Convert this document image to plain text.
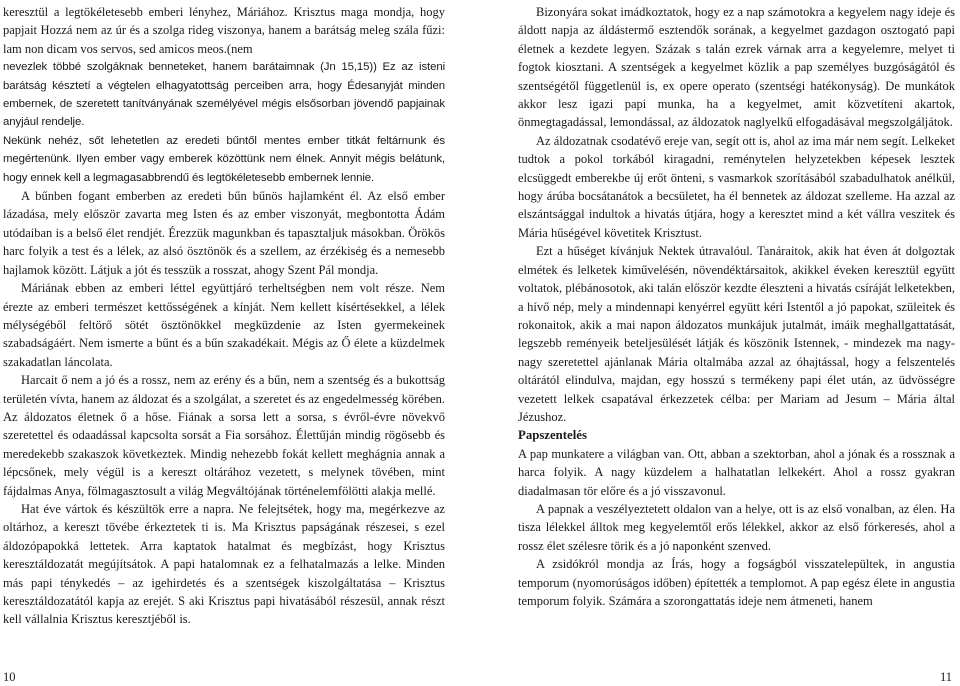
keresztül a legtökéletesebb emberi lényhez, Máriához. Krisztus maga mondja, hogy papjait Hozzá nem az úr és a szolga rideg viszonya, hanem a barátság meleg szála fűzi: lam non dicam vos servos, sed amicos meos.(nem

nevezlek többé szolgáknak benneteket, hanem barátaimnak (Jn 15,15)) Ez az isteni barátság késztetí a végtelen elhagyatottság perceiben arra, hogy Édesanyját minden embernek, de szeretett tanítványának személyével mégis elsősorban jövendő papjainak anyjául rendelje.

Nekünk nehéz, sőt lehetetlen az eredeti bűntől mentes ember titkát feltárnunk és megértenünk. Ilyen ember vagy emberek közöttünk nem élnek. Annyit mégis belátunk, hogy ennek kell a legmagasabbrendű és legtökéletesebb embernek lennie.

A bűnben fogant emberben az eredeti bűn bűnös hajlamként él. Az első ember lázadása, mely először zavarta meg Isten és az ember viszonyát, megbontotta Ádám utódaiban is a belső élet rendjét. Érezzük magunkban és tapasztaljuk másokban. Örökös harc folyik a test és a lélek, az alsó ösztönök és a szellem, az érzékiség és a nemesebb hajlamok között. Látjuk a jót és tesszük a rosszat, ahogy Szent Pál mondja.

Máriának ebben az emberi léttel együttjáró terheltségben nem volt része. Nem érezte az emberi természet kettősségének a kínját. Nem kellett kísértésekkel, a lélek mélységéből feltörő sötét ösztönökkel megküzdenie az Isten gyermekeinek szabadságáért. Nem ismerte a bűnt és a bűn szakadékait. Mégis az Ő élete a küzdelmek szakadatlan láncolata.

Harcait ő nem a jó és a rossz, nem az erény és a bűn, nem a szentség és a bukottság területén vívta, hanem az áldozat és a szolgálat, a szeretet és az engedelmesség körében. Az áldozatos életnek ő a hőse. Fiának a sorsa lett a sorsa, s évről-évre növekvő szeretettel és odaadással kapcsolta sorsát a Fia sorsához. Élettűján mindig rögösebb és meredekebb szakaszok következtek. Mindig nehezebb fokát kellett meghágnia annak a lépcsőnek, mely végül is a kereszt oltárához vezetett, s melynek tövében, mint fájdalmas Anya, fölmagasztosult a világ Megváltójának történelemfölötti alakja mellé.

Hat éve vártok és készültök erre a napra. Ne felejtsétek, hogy ma, megérkezve az oltárhoz, a kereszt tövébe érkeztetek ti is. Ma Krisztus papságának részesei, s ezel áldozópapokká lettetek. Arra kaptatok hatalmat és megbízást, hogy Krisztus keresztáldozatát megújítsátok. A papi hatalomnak ez a felhatalmazás a lelke. Minden más papi ténykedés – az igehirdetés és a szentségek kiszolgáltatása – Krisztus keresztáldozatától kapja az erejét. S aki Krisztus papi hivatásából részesül, annak részt kell vállalnia Krisztus keresztjéből is.

Bizonyára sokat imádkoztatok, hogy ez a nap számotokra a kegyelem nagy ideje és áldott napja az áldástermő esztendők sorának, a kegyelmet gazdagon osztogató papi életnek a kezdete legyen. Százak s talán ezrek várnak arra a kegyelemre, melyet ti fogtok kiosztani. A szentségek a kegyelmet közlik a pap személyes buzgóságától és szentségétől függetlenül is, ex opere operato (szentségi hatékonyság). De munkátok akkor lesz igazi papi munka, ha a kegyelmet, amit közvetíteni akartok, önmegtagadással, lemondással, az áldozatok naglyelkű elfogadásával megszolgáljátok.

Az áldozatnak csodatévő ereje van, segít ott is, ahol az ima már nem segít. Lelkeket tudtok a pokol torkából kiragadni, reménytelen helyzetekben képesek lesztek elcsüggedt emberekbe új erőt önteni, s vasmarkok szorításából szabadulhatok anélkül, hogy árúba bocsátanátok a becsületet, ha él bennetek az áldozat szelleme. Ha azzal az elszántsággal indultok a hivatás útjára, hogy a keresztet mind a két vállra veszitek és Mária hűségével követitek Krisztust.

Ezt a hűséget kívánjuk Nektek útravalóul. Tanáraitok, akik hat éven át dolgoztak elmétek és lelketek kiművelésén, növendéktársaitok, akikkel éveken keresztül együtt voltatok, plébánosotok, aki talán először kezdte éleszteni a hivatás csíráját lelketekben, a hívő nép, mely a mindennapi kenyérrel együtt kéri Istentől a jó papokat, szüleitek és rokonaitok, akik a mai napon áldozatos munkájuk jutalmát, imáik meghallgattatását, legszebb reményeik beteljesülését látják és köszönik Istennek, - mindezek ma nagy-nagy szeretettel ajánlanak Mária oltalmába azzal az óhajtással, hogy a felszentelés oltárától elindulva, majdan, egy hosszú s termékeny papi élet után, az üdvösségre vezetett lelkek csapatával érkezzetek célba: per Mariam ad Jesum – Mária által Jézushoz.

Papszentelés

A pap munkatere a világban van. Ott, abban a szektorban, ahol a jónak és a rossznak a harca folyik. A nagy küzdelem a halhatatlan lelkekért. Ahol a rossz gyakran diadalmasan tör előre és a jó visszavonul.

A papnak a veszélyeztetett oldalon van a helye, ott is az első vonalban, az élen. Ha tisza lélekkel álltok meg kegyelemtől erős lélekkel, akkor az első fórkeresés, ahol a rossz élet szélesre törik és a jó naponként szenved.

A zsidókról mondja az Írás, hogy a fogságból visszatelepültek, in angustia temporum (nyomorúságos időben) építették a templomot. A pap egész élete in angustia temporum folyik. Számára a szorongattatás ideje nem átmeneti, hanem

10	11
